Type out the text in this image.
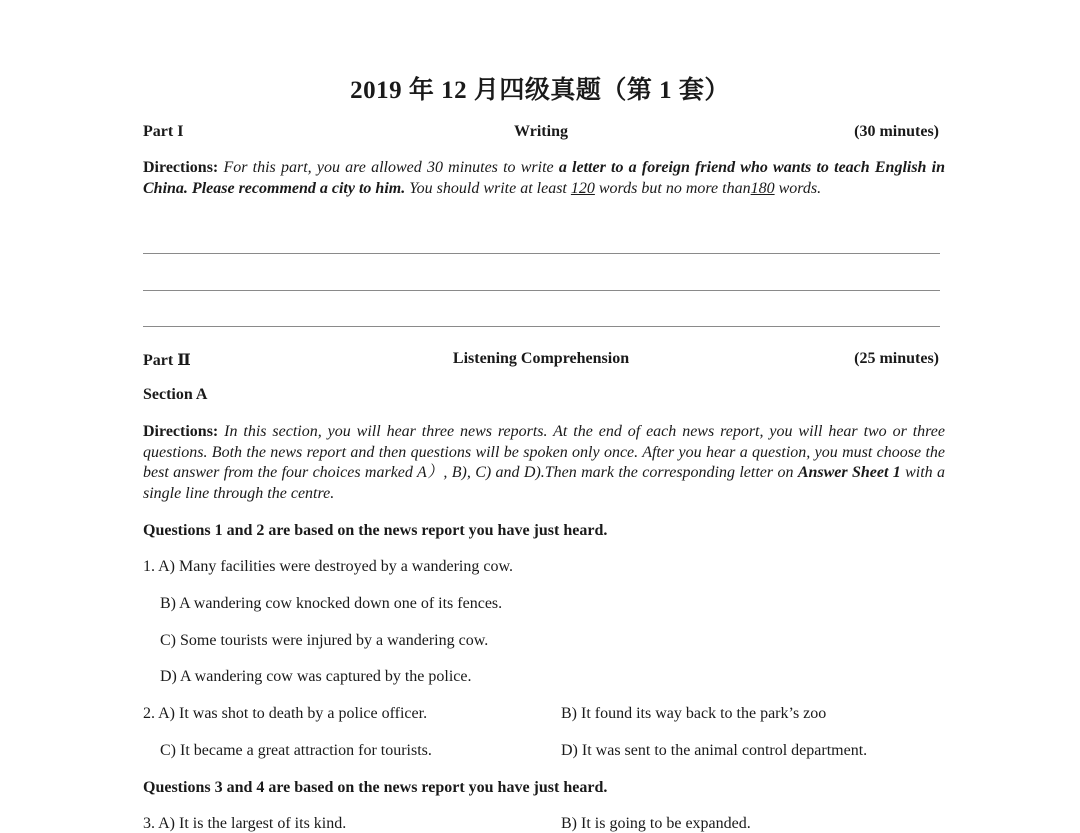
2019 年 12 月四级真题（第 1 套）
Part I	Writing	(30 minutes)
Directions: For this part, you are allowed 30 minutes to write a letter to a foreign friend who wants to teach English in China. Please recommend a city to him. You should write at least 120 words but no more than180 words.
Part Ⅱ	Listening Comprehension	(25 minutes)
Section A
Directions: In this section, you will hear three news reports. At the end of each news report, you will hear two or three questions. Both the news report and then questions will be spoken only once. After you hear a question, you must choose the best answer from the four choices marked A）, B), C) and D).Then mark the corresponding letter on Answer Sheet 1 with a single line through the centre.
Questions 1 and 2 are based on the news report you have just heard.
1. A) Many facilities were destroyed by a wandering cow.
B) A wandering cow knocked down one of its fences.
C) Some tourists were injured by a wandering cow.
D) A wandering cow was captured by the police.
2. A) It was shot to death by a police officer.	B) It found its way back to the park’s zoo
C) It became a great attraction for tourists.	D) It was sent to the animal control department.
Questions 3 and 4 are based on the news report you have just heard.
3. A) It is the largest of its kind.	B) It is going to be expanded.
